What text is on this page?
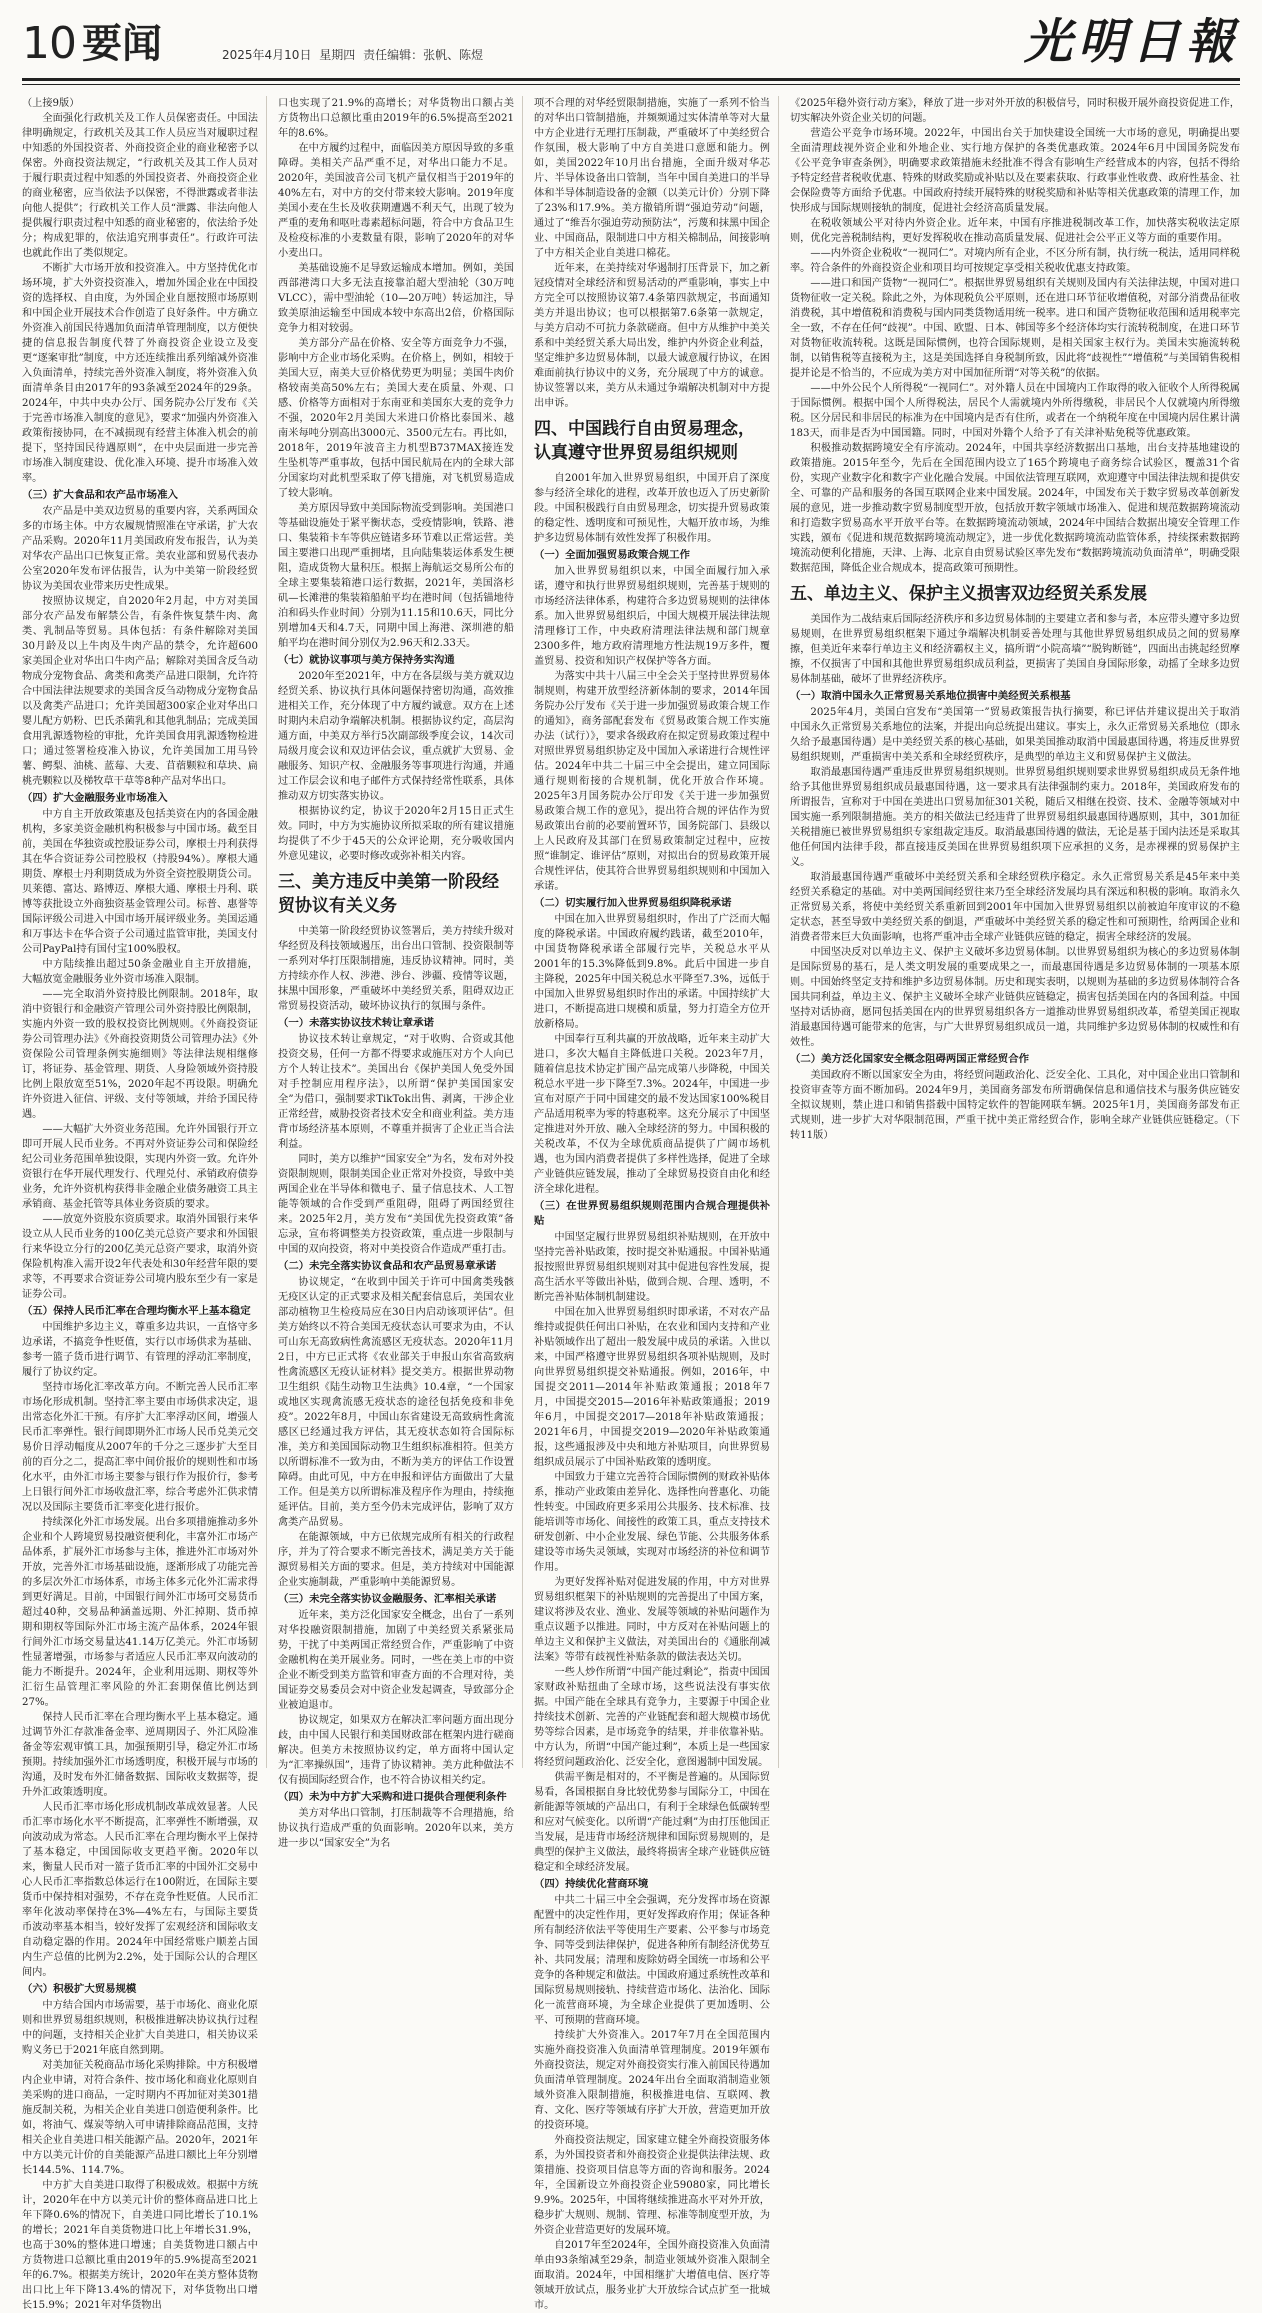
10 要闻	2025年4月10日 星期四 责任编辑：张帆、陈煜	光明日報

（上接9版）

全面强化行政机关及工作人员保密责任。中国法律明确规定，行政机关及其工作人员应当对履职过程中知悉的外国投资者、外商投资企业的商业秘密予以保密。外商投资法规定，“行政机关及其工作人员对于履行职责过程中知悉的外国投资者、外商投资企业的商业秘密，应当依法予以保密，不得泄露或者非法向他人提供”；行政机关工作人员“泄露、非法向他人提供履行职责过程中知悉的商业秘密的，依法给予处分；构成犯罪的，依法追究刑事责任”。行政许可法也就此作出了类似规定。

不断扩大市场开放和投资准入。中方坚持优化市场环境，扩大外资投资准入，增加外国企业在中国投资的选择权、自由度，为外国企业自愿按照市场原则和中国企业开展技术合作创造了良好条件。中方确立外资准入前国民待遇加负面清单管理制度，以方便快捷的信息报告制度代替了外商投资企业设立及变更“逐案审批”制度，中方还连续推出系列缩减外资准入负面清单，持续完善外资准入制度，将外资准入负面清单条目由2017年的93条减至2024年的29条。2024年，中共中央办公厅、国务院办公厅发布《关于完善市场准入制度的意见》，要求“加强内外资准入政策衔接协同，在不减损现有经营主体准入机会的前提下，坚持国民待遇原则”，在中央层面进一步完善市场准入制度建设、优化准入环境、提升市场准入效率。

（三）扩大食品和农产品市场准入

农产品是中美双边贸易的重要内容，关系两国众多的市场主体。中方农履规情照准在守承诺，扩大农产品采购。2020年11月美国政府发布报告，认为美对华农产品出口已恢复正常。美农业部和贸易代表办公室2020年发布评估报告，认为中美第一阶段经贸协议为美国农业带来历史性成果。

按照协议规定，自2020年2月起，中方对美国部分农产品发布解禁公告，有条件恢复禁牛肉、禽类、乳制品等贸易。具体包括：有条件解除对美国30月龄及以上牛肉及牛肉产品的禁令，允许超600家美国企业对华出口牛肉产品；解除对美国含反刍动物成分宠物食品、禽类和禽类产品进口限制，允许符合中国法律法规要求的美国含反刍动物成分宠物食品以及禽类产品进口；允许美国超300家企业对华出口婴儿配方奶粉、巴氏杀菌乳和其他乳制品；完成美国食用乳源透物检的审批，允许美国食用乳源透物检进口；通过签署检疫准入协议，允许美国加工用马铃薯、鳄梨、油桃、蓝莓、大麦、苜蓿颗粒和草块、扁桃壳颗粒以及梯牧草干草等8种产品对华出口。

（四）扩大金融服务业市场准入

中方自主开放政策惠及包括美资在内的各国金融机构，多家美资金融机构积极参与中国市场。截至目前，美国在华独资或控股证券公司，摩根士丹利获得其在华合资证券公司控股权（持股94%）。摩根大通期货、摩根士丹利期货成为外资全资控股期货公司。贝莱德、富达、路博迈、摩根大通、摩根士丹利、联博等获批设立外商独资基金管理公司。标普、惠誉等国际评级公司进入中国市场开展评级业务。美国运通和万事达卡在华合资子公司通过监管审批，美国支付公司PayPal持有国付宝100%股权。

中方陆续推出超过50条金融业自主开放措施，大幅放宽金融服务业外资市场准入限制。

——完全取消外资持股比例限制。2018年，取消中资银行和金融资产管理公司外资持股比例限制，实施内外资一致的股权投资比例规则。《外商投资证券公司管理办法》《外商投资期货公司管理办法》《外资保险公司管理条例实施细则》等法律法规相继修订，将证券、基金管理、期货、人身险领域外资持股比例上限放宽至51%，2020年起不再设限。明确允许外资进入征信、评级、支付等领域，并给予国民待遇。

——大幅扩大外资业务范围。允许外国银行开立即可开展人民币业务。不再对外资证券公司和保险经纪公司业务范围单独设限，实现内外资一致。允许外资银行在华开展代理发行、代理兑付、承销政府债券业务，允许外资机构获得非金融企业债务融资工具主承销商、基金托管等具体业务资质的要求。

——放宽外资股东资质要求。取消外国银行来华设立从人民币业务的100亿美元总资产要求和外国银行来华设立分行的200亿美元总资产要求，取消外资保险机构准入需开设2年代表处和30年经营年限的要求等，不再要求合资证券公司境内股东至少有一家是证券公司。

（五）保持人民币汇率在合理均衡水平上基本稳定

中国维护多边主义，尊重多边共识，一直恪守多边承诺，不搞竞争性贬值，实行以市场供求为基础、参考一篮子货币进行调节、有管理的浮动汇率制度，履行了协议约定。

坚持市场化汇率改革方向。不断完善人民币汇率市场化形成机制。坚持汇率主要由市场供求决定，退出常态化外汇干预。有序扩大汇率浮动区间，增强人民币汇率弹性。银行间即期外汇市场人民币兑美元交易价日浮动幅度从2007年的千分之三逐步扩大至目前的百分之二，提高汇率中间价报价的规则性和市场化水平，由外汇市场主要参与银行作为报价行，参考上日银行间外汇市场收盘汇率，综合考虑外汇供求情况以及国际主要货币汇率变化进行报价。

持续深化外汇市场发展。出台多项措施推动多外企业和个人跨境贸易投融资便利化，丰富外汇市场产品体系，扩展外汇市场参与主体，推进外汇市场对外开放，完善外汇市场基础设施，逐渐形成了功能完善的多层次外汇市场体系，市场主体多元化外汇需求得到更好满足。目前，中国银行间外汇市场可交易货币超过40种，交易品种涵盖远期、外汇掉期、货币掉期和期权等国际外汇市场主流产品体系，2024年银行间外汇市场交易量达41.14万亿美元。外汇市场韧性显著增强，市场参与者适应人民币汇率双向波动的能力不断提升。2024年，企业利用远期、期权等外汇衍生品管理汇率风险的外汇套期保值比例达到27%。

保持人民币汇率在合理均衡水平上基本稳定。通过调节外汇存款准备金率、逆周期因子、外汇风险准备金等宏观审慎工具，加强预期引导，稳定外汇市场预期。持续加强外汇市场透明度，积极开展与市场的沟通，及时发布外汇储备数据、国际收支数据等，提升外汇政策透明度。

人民币汇率市场化形成机制改革成效显著。人民币汇率市场化水平不断提高，汇率弹性不断增强，双向波动成为常态。人民币汇率在合理均衡水平上保持了基本稳定，中国国际收支更趋平衡。2020年以来，衡量人民币对一篮子货币汇率的中国外汇交易中心人民币汇率指数总体运行在100附近，在国际主要货币中保持相对强势，不存在竞争性贬值。人民币汇率年化波动率保持在3%—4%左右，与国际主要货币波动率基本相当，较好发挥了宏观经济和国际收支自动稳定器的作用。2024年中国经常账户顺差占国内生产总值的比例为2.2%，处于国际公认的合理区间内。

（六）积极扩大贸易规模

中方结合国内市场需要，基于市场化、商业化原则和世界贸易组织规则，积极推进解决协议执行过程中的问题，支持相关企业扩大自美进口，相关协议采购义务已于2021年底自然到期。

对美加征关税商品市场化采购排除。中方积极增内企业申请，对符合条件、按市场化和商业化原则自美采购的进口商品，一定时期内不再加征对美301措施反制关税，为相关企业自美进口创造便利条件。比如，将油气、煤炭等纳入可申请排除商品范围，支持相关企业自美进口相关能源产品。2020年，2021年中方以美元计价的自美能源产品进口额比上年分别增长144.5%、114.7%。

中方扩大自美进口取得了积极成效。根据中方统计，2020年在中方以美元计价的整体商品进口比上年下降0.6%的情况下，自美进口同比增长了10.1%的增长；2021年自美货物进口比上年增长31.9%，也高于30%的整体进口增速；自美货物进口额占中方货物进口总额比重由2019年的5.9%提高至2021年的6.7%。根据美方统计，2020年在美方整体货物出口比上年下降13.4%的情况下，对华货物出口增长15.9%；2021年对华货物出

口也实现了21.9%的高增长；对华货物出口额占美方货物出口总额比重由2019年的6.5%提高至2021年的8.6%。

在中方履约过程中，面临因美方原因导致的多重障碍。美相关产品严重不足，对华出口能力不足。2020年，美国波音公司飞机产量仅相当于2019年的40%左右，对中方的交付带来较大影响。2019年度美国小麦在生长及收获期遭遇不利天气，出现了较为严重的麦角和呕吐毒素超标问题，符合中方食品卫生及检疫标准的小麦数量有限，影响了2020年的对华小麦出口。

美基础设施不足导致运输成本增加。例如，美国西部港湾口大多无法直接靠泊超大型油轮（30万吨VLCC），需中型油轮（10—20万吨）转运加注，导致美原油运输至中国成本较中东高出2倍，价格国际竞争力相对较弱。

美方部分产品在价格、安全等方面竞争力不强，影响中方企业市场化采购。在价格上，例如，相较于美国大豆，南美大豆价格优势更为明显；美国牛肉价格较南美高50%左右；美国大麦在质量、外观、口感、价格等方面相对于东南亚和美国东大麦的竞争力不强，2020年2月美国大米进口价格比泰国米、越南米每吨分别高出3000元、3500元左右。再比如，2018年，2019年波音主力机型B737MAX接连发生坠机等严重事故，包括中国民航局在内的全球大部分国家均对此机型采取了停飞措施，对飞机贸易造成了较大影响。

美方原因导致中美国际物流受到影响。美国港口等基础设施处于紧平衡状态，受疫情影响，铁路、港口、集装箱卡车等供应链诸多环节难以正常运营。美国主要港口出现严重拥堵，且向陆集装运体系发生梗阻，造成货物大量积压。根据上海航运交易所公布的全球主要集装箱港口运行数据，2021年，美国洛杉矶—长滩港的集装箱船舶平均在港时间（包括锚地待泊和码头作业时间）分别为11.15和10.6天，同比分别增加4天和4.7天，同期中国上海港、深圳港的船舶平均在港时间分别仅为2.96天和2.33天。

（七）就协议事项与美方保持务实沟通

2020年至2021年，中方在各层级与美方就双边经贸关系、协议执行具体问题保持密切沟通，高效推进相关工作，充分体现了中方履约诚意。双方在上述时期内未启动争端解决机制。根据协议约定，高层沟通方面，中美双方举行5次副部级季度会议，14次司局级月度会议和双边评估会议，重点就扩大贸易、金融服务、知识产权、金融服务等事项进行沟通，并通过工作层会议和电子邮件方式保持经常性联系，具体推动双方切实落实协议。

根据协议约定，协议于2020年2月15日正式生效。同时，中方为实施协议所拟采取的所有建议措施均提供了不少于45天的公众评论期，充分吸收国内外意见建议，必要时修改或弥补相关内容。

三、美方违反中美第一阶段经贸协议有关义务

中美第一阶段经贸协议签署后，美方持续升级对华经贸及科技领域遏压，出台出口管制、投资限制等一系列对华打压限制措施，违反协议精神。同时，美方持续亦作人权、涉港、涉台、涉疆、疫情等议题，抹黑中国形象，严重破坏中美经贸关系，阻碍双边正常贸易投资活动，破坏协议执行的氛围与条件。

（一）未落实协议技术转让章承诺

协议技术转让章规定，“对于收购、合资或其他投资交易，任何一方都不得要求或施压对方个人向已方个人转让技术”。美国出台《保护美国人免受外国对手控制应用程序法》，以所谓“保护美国国家安全”为借口，强制要求TikTok出售、剥离，干涉企业正常经营，威胁投资者技术安全和商业利益。美方违背市场经济基本原则，不尊重并损害了企业正当合法利益。

同时，美方以维护“国家安全”为名，发布对外投资限制规则，限制美国企业正常对外投资，导致中美两国企业在半导体和微电子、量子信息技术、人工智能等领域的合作受到严重阻碍，阻碍了两国经贸往来。2025年2月，美方发布“美国优先投资政策”备忘录，宣布将调整美方投资政策，重点进一步限制与中国的双向投资，将对中美投资合作造成严重打击。

（二）未完全落实协议食品和农产品贸易章承诺

协议规定，“在收到中国关于许可中国禽类残骸无疫区认定的正式要求及相关配套信息后，美国农业部动植物卫生检疫局应在30日内启动该项评估”。但美方始终以不符合美国无疫状态认可要求为由，不认可山东无高致病性禽流感区无疫状态。2020年11月2日，中方已正式将《农业部关于申报山东省高致病性禽流感区无疫认证材料》提交美方。根据世界动物卫生组织《陆生动物卫生法典》10.4章，“一个国家或地区实现禽流感无疫状态的途径包括免疫和非免疫”。2022年8月，中国山东省建设无高致病性禽流感区已经通过我方评估，其无疫状态如符合国际标准，美方和美国国际动物卫生组织标准相符。但美方以所谓标准不一致为由，不断为美方的评估工作设置障碍。由此可见，中方在申报和评估方面做出了大量工作。但是美方以所谓标准及程序作为理由，持续拖延评估。目前，美方至今仍未完成评估，影响了双方禽类产品贸易。

在能源领域，中方已依规完成所有相关的行政程序，并为了符合要求不断完善技术，满足美方关于能源贸易相关方面的要求。但是，美方持续对中国能源企业实施制裁，严重影响中美能源贸易。

（三）未完全落实协议金融服务、汇率相关承诺

近年来，美方泛化国家安全概念，出台了一系列对华投融资限制措施，加剧了中美经贸关系紧张局势，干扰了中美两国正常经贸合作，严重影响了中资金融机构在美开展业务。同时，一些在美上市的中资企业不断受到美方监管和审查方面的不合理对待，美国证券交易委员会对中资企业发起调查，导致部分企业被迫退市。

协议规定，如果双方在解决汇率问题方面出现分歧，由中国人民银行和美国财政部在框架内进行磋商解决。但美方未按照协议约定，单方面将中国认定为“汇率操纵国”，违背了协议精神。美方此种做法不仅有损国际经贸合作，也不符合协议相关约定。

（四）未为中方扩大采购和进口提供合理便利条件

美方对华出口管制，打压制裁等不合理措施，给协议执行造成严重的负面影响。2020年以来，美方进一步以“国家安全”为名

项不合理的对华经贸限制措施，实施了一系列不恰当的对华出口管制措施，并频频通过实体清单等对大量中方企业进行无理打压制裁，严重破坏了中美经贸合作氛围，极大影响了中方自美进口意愿和能力。例如，美国2022年10月出台措施，全面升级对华芯片、半导体设备出口管制，当年中国自美进口的半导体和半导体制造设备的金额（以美元计价）分别下降了23%和17.9%。美方撤销所谓“强迫劳动”问题，通过了“维吾尔强迫劳动预防法”，污蔑和抹黑中国企业、中国商品，限制进口中方相关棉制品，间接影响了中方相关企业自美进口棉花。

近年来，在美持续对华遏制打压背景下，加之新冠疫情对全球经济和贸易活动的严重影响，事实上中方完全可以按照协议第7.4条第四款规定，书面通知美方并退出协议；也可以根据第7.6条第一款规定，与美方启动不可抗力条款磋商。但中方从维护中美关系和中美经贸关系大局出发，维护内外资企业利益，坚定维护多边贸易体制，以最大诚意履行协议，在困难面前执行协议中的义务，充分展现了中方的诚意。协议签署以来，美方从未通过争端解决机制对中方提出申诉。

四、中国践行自由贸易理念，认真遵守世界贸易组织规则

自2001年加入世界贸易组织，中国开启了深度参与经济全球化的进程，改革开放也迈入了历史新阶段。中国积极践行自由贸易理念，切实提升贸易政策的稳定性、透明度和可预见性，大幅开放市场，为维护多边贸易体制有效性发挥了积极作用。

（一）全面加强贸易政策合规工作

加入世界贸易组织以来，中国全面履行加入承诺，遵守和执行世界贸易组织规则，完善基于规则的市场经济法律体系，构建符合多边贸易规则的法律体系。加入世界贸易组织后，中国大规模开展法律法规清理修订工作，中央政府清理法律法规和部门规章2300多件，地方政府清理地方性法规19万多件，覆盖贸易、投资和知识产权保护等各方面。

为落实中共十八届三中全会关于坚持世界贸易体制规则，构建开放型经济新体制的要求，2014年国务院办公厅发布《关于进一步加强贸易政策合规工作的通知》，商务部配套发布《贸易政策合规工作实施办法（试行）》，要求各级政府在拟定贸易政策过程中对照世界贸易组织协定及中国加入承诺进行合规性评估。2024年中共二十届三中全会提出，建立同国际通行规则衔接的合规机制，优化开放合作环境。2025年3月国务院办公厅印发《关于进一步加强贸易政策合规工作的意见》，提出符合规的评估作为贸易政策出台前的必要前置环节，国务院部门、县级以上人民政府及其部门在贸易政策制定过程中，应按照“谁制定、谁评估”原则，对拟出台的贸易政策开展合规性评估，使其符合世界贸易组织规则和中国加入承诺。

（二）切实履行加入世界贸易组织降税承诺

中国在加入世界贸易组织时，作出了广泛而大幅度的降税承诺。中国政府履约践诺，截至2010年，中国货物降税承诺全部履行完毕，关税总水平从2001年的15.3%降低到9.8%。此后中国进一步自主降税，2025年中国关税总水平降至7.3%，远低于中国加入世界贸易组织时作出的承诺。中国持续扩大进口，不断提高进口规模和质量，努力打造全方位开放新格局。

中国奉行互利共赢的开放战略，近年来主动扩大进口，多次大幅自主降低进口关税。2023年7月，随着信息技术协定扩围产品完成第八步降税，中国关税总水平进一步下降至7.3%。2024年，中国进一步宣布对原产于同中国建交的最不发达国家100%税目产品适用税率为零的特惠税率。这充分展示了中国坚定推进对外开放、融入全球经济的努力。中国积极的关税改革，不仅为全球优质商品提供了广阔市场机遇，也为国内消费者提供了多样性选择，促进了全球产业链供应链发展，推动了全球贸易投资自由化和经济全球化进程。

（三）在世界贸易组织规则范围内合规合理提供补贴

中国坚定履行世界贸易组织补贴规则，在开放中坚持完善补贴政策，按时提交补贴通报。中国补贴通报按照世界贸易组织规则对其中促进包容性发展，提高生活水平等做出补贴，做到合规、合理、透明，不断完善补贴体制机制建设。

中国在加入世界贸易组织时即承诺，不对农产品维持或提供任何出口补贴，在农业和国内支持和产业补贴领域作出了超出一般发展中成员的承诺。入世以来，中国严格遵守世界贸易组织各项补贴规则，及时向世界贸易组织提交补贴通报。例如，2016年，中国提交2011—2014年补贴政策通报；2018年7月，中国提交2015—2016年补贴政策通报；2019年6月，中国提交2017—2018年补贴政策通报；2021年6月，中国提交2019—2020年补贴政策通报，这些通报涉及中央和地方补贴项目，向世界贸易组织成员展示了中国补贴政策的透明度。

中国致力于建立完善符合国际惯例的财政补贴体系，推动产业政策由差异化、选择性向普惠化、功能性转变。中国政府更多采用公共服务、技术标准、技能培训等市场化、间接性的政策工具，重点支持技术研发创新、中小企业发展、绿色节能、公共服务体系建设等市场失灵领域，实现对市场经济的补位和调节作用。

为更好发挥补贴对促进发展的作用，中方对世界贸易组织框架下的补贴规则的完善提出了中国方案，建议将涉及农业、渔业、发展等领域的补贴问题作为重点议题予以推进。同时，中方反对在补贴问题上的单边主义和保护主义做法，对美国出台的《通胀削减法案》等带有歧视性补贴条款的做法表达关切。

一些人炒作所谓“中国产能过剩论”，指责中国国家财政补贴扭曲了全球市场，这些说法没有事实依据。中国产能在全球具有竞争力，主要源于中国企业持续技术创新、完善的产业链配套和超大规模市场优势等综合因素，是市场竞争的结果，并非依靠补贴。中方认为，所谓“中国产能过剩”，本质上是一些国家将经贸问题政治化、泛安全化，意图遏制中国发展。

供需平衡是相对的，不平衡是普遍的。从国际贸易看，各国根据自身比较优势参与国际分工，中国在新能源等领域的产品出口，有利于全球绿色低碳转型和应对气候变化。以所谓“产能过剩”为由打压他国正当发展，是违背市场经济规律和国际贸易规则的，是典型的保护主义做法，最终将损害全球产业链供应链稳定和全球经济发展。

（四）持续优化营商环境

中共二十届三中全会强调，充分发挥市场在资源配置中的决定性作用，更好发挥政府作用；保证各种所有制经济依法平等使用生产要素、公平参与市场竞争、同等受到法律保护，促进各种所有制经济优势互补、共同发展；清理和废除妨碍全国统一市场和公平竞争的各种规定和做法。中国政府通过系统性改革和国际贸易规则接轨、持续营造市场化、法治化、国际化一流营商环境，为全球企业提供了更加透明、公平、可预期的营商环境。

持续扩大外资准入。2017年7月在全国范围内实施外商投资准入负面清单管理制度。2019年颁布外商投资法，规定对外商投资实行准入前国民待遇加负面清单管理制度。2024年出台全面取消制造业领域外资准入限制措施，积极推进电信、互联网、教育、文化、医疗等领域有序扩大开放，营造更加开放的投资环境。

外商投资法规定，国家建立健全外商投资服务体系，为外国投资者和外商投资企业提供法律法规、政策措施、投资项目信息等方面的咨询和服务。2024年，全国新设立外商投资企业59080家，同比增长9.9%。2025年，中国将继续推进高水平对外开放，稳步扩大规则、规制、管理、标准等制度型开放，为外资企业营造更好的发展环境。

自2017年至2024年，全国外商投资准入负面清单由93条缩减至29条，制造业领域外资准入限制全面取消。2024年，中国相继扩大增值电信、医疗等领域开放试点，服务业扩大开放综合试点扩至一批城市。

《2025年稳外资行动方案》，释放了进一步对外开放的积极信号，同时积极开展外商投资促进工作，切实解决外资企业关切的问题。

营造公平竞争市场环境。2022年，中国出台关于加快建设全国统一大市场的意见，明确提出要全面清理歧视外资企业和外地企业、实行地方保护的各类优惠政策。2024年6月中国国务院发布《公平竞争审查条例》，明确要求政策措施未经批准不得含有影响生产经营成本的内容，包括不得给予特定经营者税收优惠、特殊的财政奖励或补贴以及在要素获取、行政事业性收费、政府性基金、社会保险费等方面给予优惠。中国政府持续开展特殊的财税奖励和补贴等相关优惠政策的清理工作，加快形成与国际规则接轨的制度，促进社会经济高质量发展。

在税收领域公平对待内外资企业。近年来，中国有序推进税制改革工作，加快落实税收法定原则，优化完善税制结构，更好发挥税收在推动高质量发展、促进社会公平正义等方面的重要作用。

——内外资企业税收“一视同仁”。对境内所有企业，不区分所有制，执行统一税法，适用同样税率。符合条件的外商投资企业和项目均可按规定享受相关税收优惠支持政策。

——进口和国产货物“一视同仁”。根据世界贸易组织有关规则及国内有关法律法规，中国对进口货物征收一定关税。除此之外，为体现税负公平原则，还在进口环节征收增值税，对部分消费品征收消费税，其中增值税和消费税与国内同类货物适用统一税率。进口和国产货物征收范围和适用税率完全一致，不存在任何“歧视”。中国、欧盟、日本、韩国等多个经济体均实行流转税制度，在进口环节对货物征收流转税。这既是国际惯例，也符合国际规则，是相关国家主权行为。美国未实施流转税制，以销售税等直接税为主，这是美国选择自身税制所致，因此将“歧视性”“增值税”与美国销售税相提并论是不恰当的，不应成为美方对中国加征所谓“对等关税”的依据。

——中外公民个人所得税“一视同仁”。对外籍人员在中国境内工作取得的收入征收个人所得税属于国际惯例。根据中国个人所得税法，居民个人需就境内外所得缴税，非居民个人仅就境内所得缴税。区分居民和非居民的标准为在中国境内是否有住所，或者在一个纳税年度在中国境内居住累计满183天，而非是否为中国国籍。同时，中国对外籍个人给予了有关津补贴免税等优惠政策。

积极推动数据跨境安全有序流动。2024年，中国共享经济数据出口基地，出台支持基地建设的政策措施。2015年至今，先后在全国范围内设立了165个跨境电子商务综合试验区，覆盖31个省份，实现产业数字化和数字产业化融合发展。中国依法管理互联网，欢迎遵守中国法律法规和提供安全、可靠的产品和服务的各国互联网企业来中国发展。2024年，中国发布关于数字贸易改革创新发展的意见，进一步推动数字贸易制度型开放，包括放开数字领域市场准入、促进和规范数据跨境流动和打造数字贸易高水平开放平台等。在数据跨境流动领域，2024年中国结合数据出境安全管理工作实践，颁布《促进和规范数据跨境流动规定》，进一步优化数据跨境流动监管体系，持续探索数据跨境流动便利化措施，天津、上海、北京自由贸易试验区率先发布“数据跨境流动负面清单”，明确受限数据范围，降低企业合规成本，提高政策可预期性。

五、单边主义、保护主义损害双边经贸关系发展

美国作为二战结束后国际经济秩序和多边贸易体制的主要建立者和参与者，本应带头遵守多边贸易规则，在世界贸易组织框架下通过争端解决机制妥善处理与其他世界贸易组织成员之间的贸易摩擦，但美近年来奉行单边主义和经济霸权主义，搞所谓“小院高墙”“脱钩断链”，四面出击挑起经贸摩擦，不仅损害了中国和其他世界贸易组织成员利益，更损害了美国自身国际形象，动摇了全球多边贸易体制基础，破坏了世界经济秩序。

（一）取消中国永久正常贸易关系地位损害中美经贸关系根基

2025年4月，美国白宫发布“美国第一”贸易政策报告执行摘要，称已评估并建议提出关于取消中国永久正常贸易关系地位的法案，并提出向总统提出建议。事实上，永久正常贸易关系地位（即永久给予最惠国待遇）是中美经贸关系的核心基础，如果美国推动取消中国最惠国待遇，将违反世界贸易组织规则，严重损害中美关系和全球经贸秩序，是典型的单边主义和贸易保护主义做法。

取消最惠国待遇严重违反世界贸易组织规则。世界贸易组织规则要求世界贸易组织成员无条件地给予其他世界贸易组织成员最惠国待遇，这一要求具有法律强制约束力。2018年，美国政府发布的所谓报告，宣称对于中国在美进出口贸易加征301关税，随后又相继在投资、技术、金融等领域对中国实施一系列限制措施。美方的相关做法已经违背了世界贸易组织最惠国待遇原则，其中，301加征关税措施已被世界贸易组织专家组裁定违反。取消最惠国待遇的做法，无论是基于国内法还是采取其他任何国内法律手段，都直接违反美国在世界贸易组织项下应承担的义务，是赤裸裸的贸易保护主义。

取消最惠国待遇严重破坏中美经贸关系和全球经贸秩序稳定。永久正常贸易关系是45年来中美经贸关系稳定的基础。对中美两国间经贸往来乃至全球经济发展均具有深远和积极的影响。取消永久正常贸易关系，将使中美经贸关系重新回到2001年中国加入世界贸易组织以前被迫年度审议的不稳定状态，甚至导致中美经贸关系的倒退，严重破坏中美经贸关系的稳定性和可预期性，给两国企业和消费者带来巨大负面影响，也将严重冲击全球产业链供应链的稳定，损害全球经济的发展。

中国坚决反对以单边主义、保护主义破坏多边贸易体制。以世界贸易组织为核心的多边贸易体制是国际贸易的基石，是人类文明发展的重要成果之一，而最惠国待遇是多边贸易体制的一项基本原则。中国始终坚定支持和维护多边贸易体制。历史和现实表明，以规则为基础的多边贸易体制符合各国共同利益，单边主义、保护主义破坏全球产业链供应链稳定，损害包括美国在内的各国利益。中国坚持对话协商，愿同包括美国在内的世界贸易组织各方一道推动世界贸易组织改革，希望美国正视取消最惠国待遇可能带来的危害，与广大世界贸易组织成员一道，共同维护多边贸易体制的权威性和有效性。

（二）美方泛化国家安全概念阻碍两国正常经贸合作

美国政府不断以国家安全为由，将经贸问题政治化、泛安全化、工具化，对中国企业出口管制和投资审查等方面不断加码。2024年9月，美国商务部发布所谓确保信息和通信技术与服务供应链安全拟议规则，禁止进口和销售搭载中国特定软件的智能网联车辆。2025年1月，美国商务部发布正式规则，进一步扩大对华限制范围，严重干扰中美正常经贸合作，影响全球产业链供应链稳定。（下转11版）
